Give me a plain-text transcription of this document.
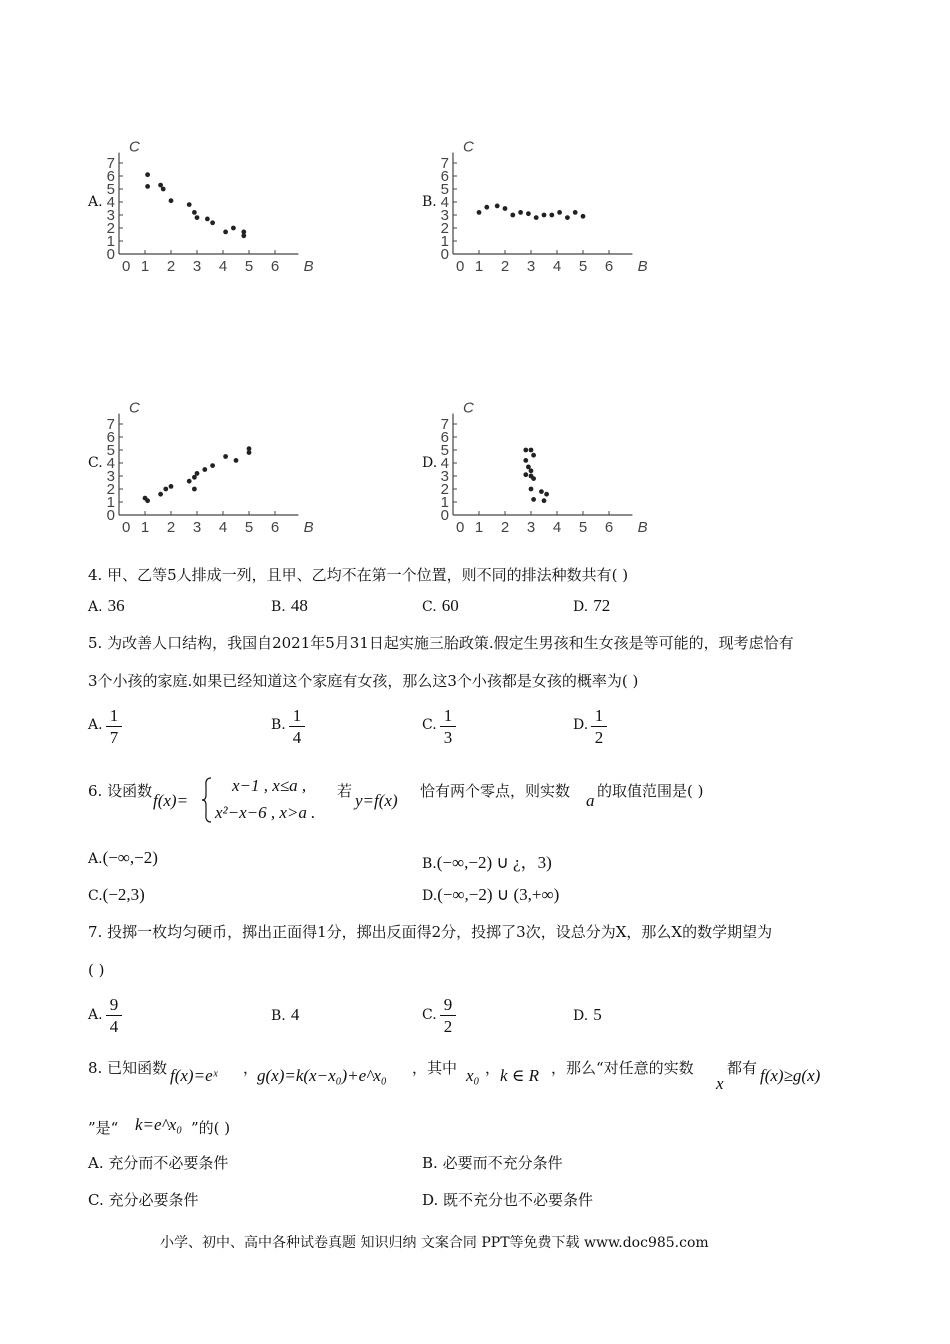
A.
0
1
2
3
4
5
6
7
0 1 2 3 4 5 6 B
C
B.
0
1
2
3
4
5
6
7
0 1 2 3 4 5 6 B
C
C.
0
1
2
3
4
5
6
7
0 1 2 3 4 5 6 B
C
D.
0
1
2
3
4
5
6
7
0 1 2 3 4 5 6 B
C
4. 甲、乙等5人排成一列，且甲、乙均不在第一个位置，则不同的排法种数共有( )
A. 36	B. 48	C. 60	D. 72
5. 为改善人口结构，我国自2021年5月31日起实施三胎政策.假定生男孩和生女孩是等可能的，现考虑恰有
3个小孩的家庭.如果已经知道这个家庭有女孩，那么这3个小孩都是女孩的概率为( )
A. 1
7
B. 1
4
C. 1
3
D. 1
2
6. 设函数 f(x)=
x−1 , x≤a ,
x²−x−6 , x>a .
若 y=f(x) 恰有两个零点，则实数 a 的取值范围是( )
A.(−∞,−2)	B.(−∞,−2) ∪ ¿，3)
C.(−2,3)	D.(−∞,−2) ∪ (3,+∞)
7. 投掷一枚均匀硬币，掷出正面得1分，掷出反面得2分，投掷了3次，设总分为X，那么X的数学期望为
( )
A.
9
4
B. 4	C.
9
2
D. 5
8. 已知函数 f(x)=eˣ ，
g(x)=k(x−x₀)+e^x₀ ，其中 x₀ ， k ∈ R ，那么“对任意的实数
x
都有 f(x)≥g(x)
”是“ k=e^x₀ ”的( )
A. 充分而不必要条件	B. 必要而不充分条件
C. 充分必要条件	D. 既不充分也不必要条件
小学、初中、高中各种试卷真题 知识归纳 文案合同 PPT等免费下载 www.doc985.com
